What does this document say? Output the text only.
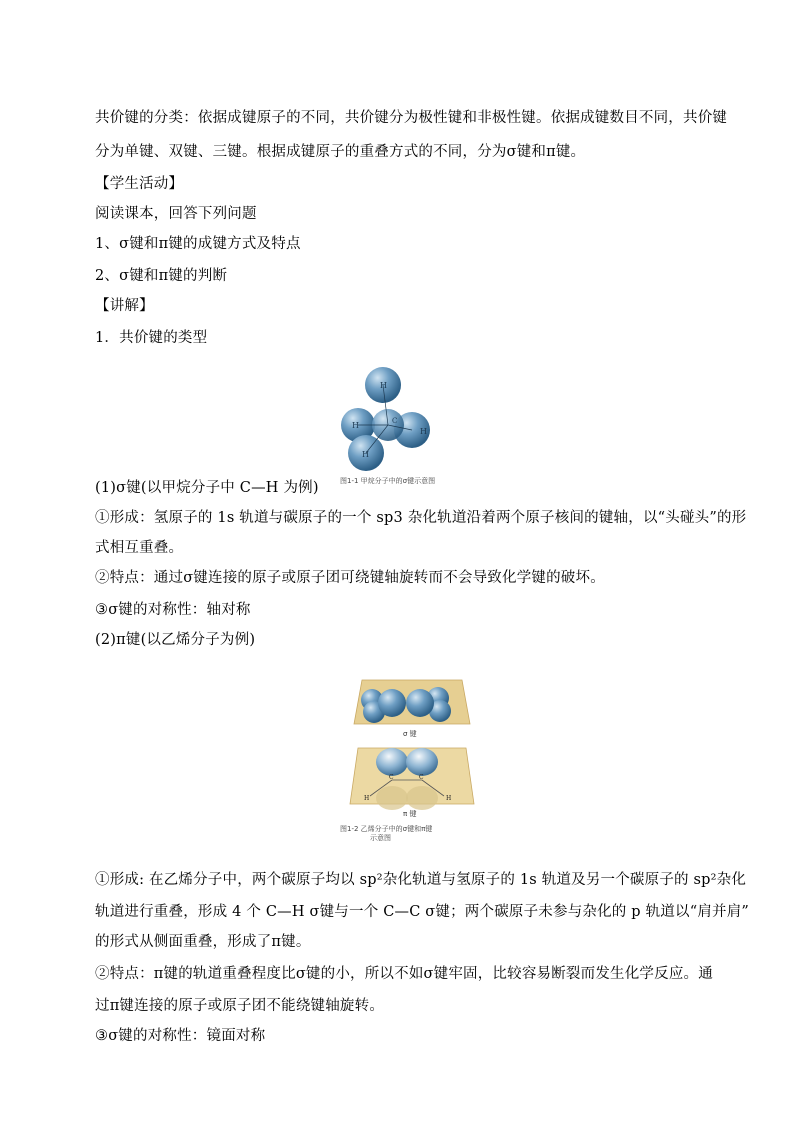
共价键的分类：依据成键原子的不同，共价键分为极性键和非极性键。依据成键数目不同，共价键
分为单键、双键、三键。根据成键原子的重叠方式的不同，分为σ键和π键。
【学生活动】
阅读课本，回答下列问题
1、σ键和π键的成键方式及特点
2、σ键和π键的判断
【讲解】
1．共价键的类型
H
H
H
H
C
图1-1 甲烷分子中的σ键示意图
(1)σ键(以甲烷分子中 C—H 为例)
①形成：氢原子的 1s 轨道与碳原子的一个 sp3 杂化轨道沿着两个原子核间的键轴，以“头碰头”的形
式相互重叠。
②特点：通过σ键连接的原子或原子团可绕键轴旋转而不会导致化学键的破坏。
③σ键的对称性：轴对称
(2)π键(以乙烯分子为例)
σ 键
C	C
H	H
π 键
图1-2 乙烯分子中的σ键和π键
示意图
①形成: 在乙烯分子中，两个碳原子均以 sp²杂化轨道与氢原子的 1s 轨道及另一个碳原子的 sp²杂化
轨道进行重叠，形成 4 个 C—H σ键与一个 C—C σ键；两个碳原子未参与杂化的 p 轨道以“肩并肩”
的形式从侧面重叠，形成了π键。
②特点：π键的轨道重叠程度比σ键的小，所以不如σ键牢固，比较容易断裂而发生化学反应。通
过π键连接的原子或原子团不能绕键轴旋转。
③σ键的对称性：镜面对称
